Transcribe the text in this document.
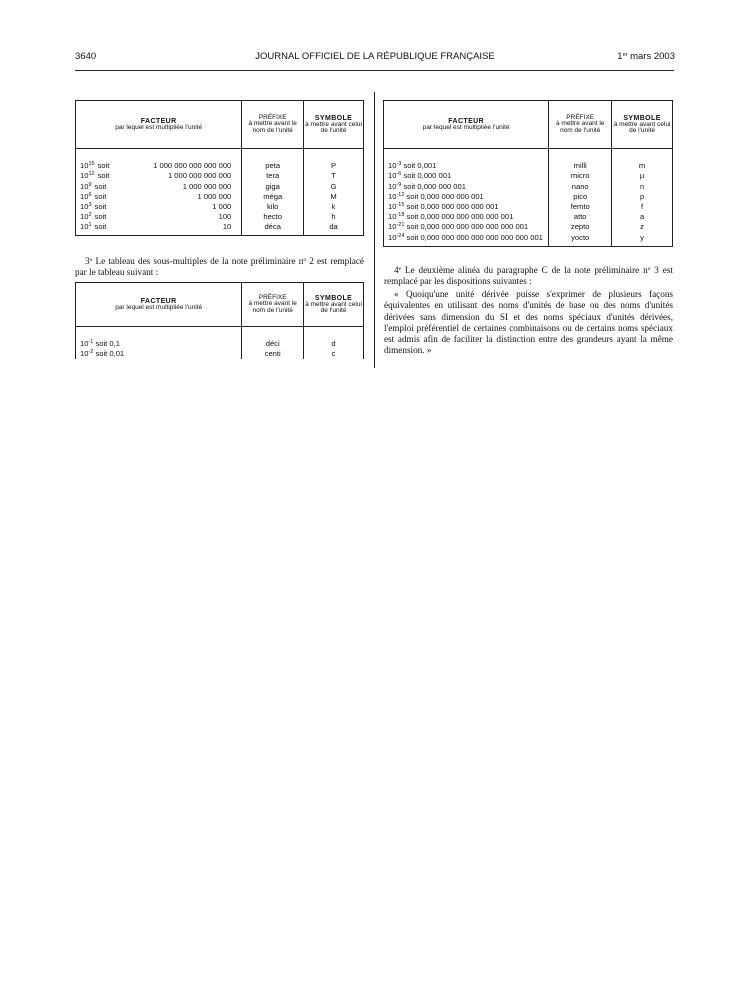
3640	JOURNAL OFFICIEL DE LA RÉPUBLIQUE FRANÇAISE	1er mars 2003
FACTEUR
par lequel est multipliée l'unité	PRÉFIXE
à mettre avant le nom de l'unité	SYMBOLE
à mettre avant celui de l'unité

$10^{15}$ soit 1 000 000 000 000 000	peta	P

$10^{12}$ soit 1 000 000 000 000	tera	T

$10^9$ soit 1 000 000 000	giga	G

$10^6$ soit 1 000 000	méga	M

$10^3$ soit 1 000	kilo	k

$10^2$ soit 100	hecto	h

$10^1$ soit 10	déca	da

3$^o$ Le tableau des sous-multiples de la note préliminaire $n^o$ 2 est remplacé par le tableau suivant :

FACTEUR
par lequel est multipliée l'unité	PRÉFIXE
à mettre avant le nom de l'unité	SYMBOLE
à mettre avant celui de l'unité

$10^{-1}$ soit 0,1	déci	d
$10^{-2}$ soit 0,01	centi	c
FACTEUR
par lequel est multipliée l'unité	PRÉFIXE
à mettre avant le nom de l'unité	SYMBOLE
à mettre avant celui de l'unité

$10^{-3}$ soit 0,001	milli	m
$10^{-6}$ soit 0,000 001	micro	µ
$10^{-9}$ soit 0,000 000 001	nano	n
$10^{-12}$ soit 0,000 000 000 001	pico	p
$10^{-15}$ soit 0,000 000 000 000 001	femto	f
$10^{-18}$ soit 0,000 000 000 000 000 001	atto	a
$10^{-21}$ soit 0,000 000 000 000 000 000 001	zepto	z
$10^{-24}$ soit 0,000 000 000 000 000 000 000 001	yocto	y

4e Le deuxième alinéa du paragraphe C de la note préliminaire $n^o$ 3 est remplacé par les dispositions suivantes :

« Quoiqu'une unité dérivée puisse s'exprimer de plusieurs façons équivalentes en utilisant des noms d'unités de base ou des noms d'unités dérivées sans dimension du SI et des noms spéciaux d'unités dérivées, l'emploi préférentiel de certaines combinaisons ou de certains noms spéciaux est admis afin de faciliter la distinction entre des grandeurs ayant la même dimension. »
